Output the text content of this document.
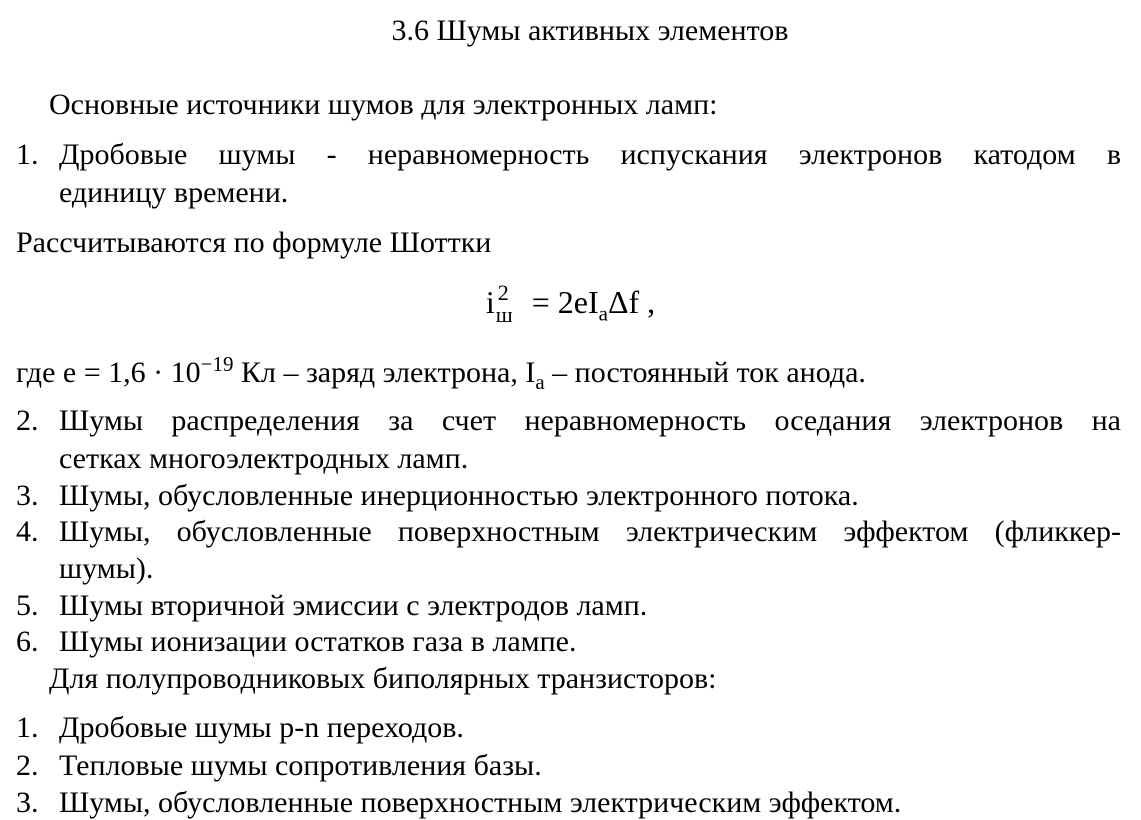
3.6 Шумы активных элементов
Основные источники шумов для электронных ламп:
1. Дробовые шумы - неравномерность испускания электронов катодом в
единицу времени.
Рассчитываются по формуле Шоттки
i 2
$ш = 2eI_a\Delta f$ ,
где $e = 1,6 \cdot 10^{-19}$ Кл – заряд электрона, $I_a$ – постоянный ток анода.
2. Шумы распределения за счет неравномерность оседания электронов на
сетках многоэлектродных ламп.
3. Шумы, обусловленные инерционностью электронного потока.
4. Шумы, обусловленные поверхностным электрическим эффектом (фликкер-
шумы).
5. Шумы вторичной эмиссии с электродов ламп.
6. Шумы ионизации остатков газа в лампе.
Для полупроводниковых биполярных транзисторов:
1. Дробовые шумы p-n переходов.
2. Тепловые шумы сопротивления базы.
3. Шумы, обусловленные поверхностным электрическим эффектом.
